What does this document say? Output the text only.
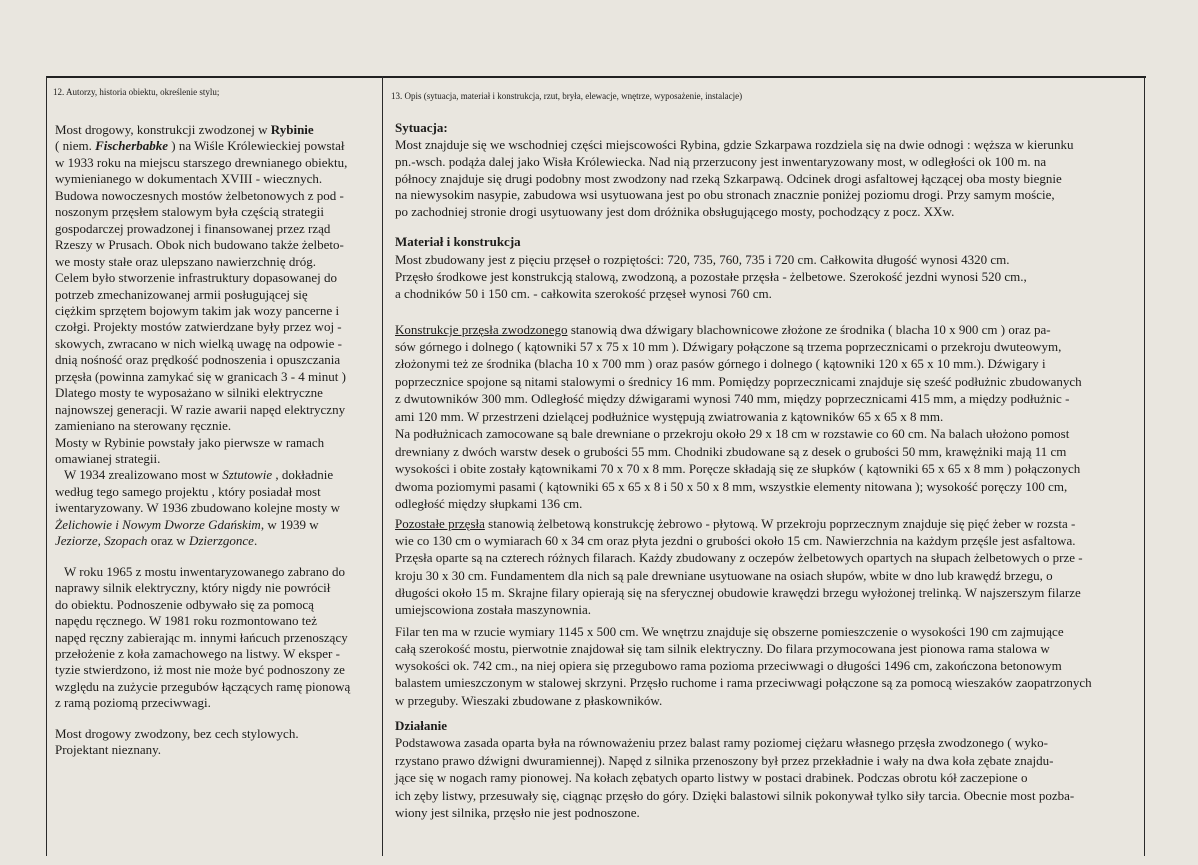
12. Autorzy, historia obiektu, określenie stylu;	13. Opis (sytuacja, materiał i konstrukcja, rzut, bryła, elewacje, wnętrze, wyposażenie, instalacje)
Most drogowy, konstrukcji zwodzonej w Rybinie
( niem. Fischerbabke ) na Wiśle Królewieckiej powstał
w 1933 roku na miejscu starszego drewnianego obiektu,
wymienianego w dokumentach XVIII - wiecznych.
Budowa nowoczesnych mostów żelbetonowych z pod -
noszonym przęsłem stalowym była częścią strategii
gospodarczej prowadzonej i finansowanej przez rząd
Rzeszy w Prusach. Obok nich budowano także żelbeto-
we mosty stałe oraz ulepszano nawierzchnię dróg.
Celem było stworzenie infrastruktury dopasowanej do
potrzeb zmechanizowanej armii posługującej się
ciężkim sprzętem bojowym takim jak wozy pancerne i
czołgi. Projekty mostów zatwierdzane były przez woj -
skowych, zwracano w nich wielką uwagę na odpowie -
dnią nośność oraz prędkość podnoszenia i opuszczania
przęsła (powinna zamykać się w granicach 3 - 4 minut )
Dlatego mosty te wyposażano w silniki elektryczne
najnowszej generacji. W razie awarii napęd elektryczny
zamieniano na sterowany ręcznie.
Mosty w Rybinie powstały jako pierwsze w ramach
omawianej strategii.
W 1934 zrealizowano most w Sztutowie , dokładnie
według tego samego projektu , który posiadał most
iwentaryzowany. W 1936 zbudowano kolejne mosty w
Żelichowie i Nowym Dworze Gdańskim, w 1939 w
Jeziorze, Szopach oraz w Dzierzgonce.
W roku 1965 z mostu inwentaryzowanego zabrano do
naprawy silnik elektryczny, który nigdy nie powrócił
do obiektu. Podnoszenie odbywało się za pomocą
napędu ręcznego. W 1981 roku rozmontowano też
napęd ręczny zabierając m. innymi łańcuch przenoszący
przełożenie z koła zamachowego na listwy. W eksper -
tyzie stwierdzono, iż most nie może być podnoszony ze
względu na zużycie przegubów łączących ramę pionową
z ramą poziomą przeciwwagi.
Most drogowy zwodzony, bez cech stylowych.
Projektant nieznany.
Sytuacja:
Most znajduje się we wschodniej części miejscowości Rybina, gdzie Szkarpawa rozdziela się na dwie odnogi : węższa w kierunku
pn.-wsch. podąża dalej jako Wisła Królewiecka. Nad nią przerzucony jest inwentaryzowany most, w odległości ok 100 m. na
północy znajduje się drugi podobny most zwodzony nad rzeką Szkarpawą. Odcinek drogi asfaltowej łączącej oba mosty biegnie
na niewysokim nasypie, zabudowa wsi usytuowana jest po obu stronach znacznie poniżej poziomu drogi. Przy samym moście,
po zachodniej stronie drogi usytuowany jest dom dróżnika obsługującego mosty, pochodzący z pocz. XXw.
Materiał i konstrukcja
Most zbudowany jest z pięciu przęseł o rozpiętości: 720, 735, 760, 735 i 720 cm. Całkowita długość wynosi 4320 cm.
Przęsło środkowe jest konstrukcją stalową, zwodzoną, a pozostałe przęsła - żelbetowe. Szerokość jezdni wynosi 520 cm.,
a chodników 50 i 150 cm. - całkowita szerokość przęseł wynosi 760 cm.
Konstrukcje przęsła zwodzonego stanowią dwa dźwigary blachownicowe złożone ze środnika ( blacha 10 x 900 cm ) oraz pa-
sów górnego i dolnego ( kątowniki 57 x 75 x 10 mm ). Dźwigary połączone są trzema poprzecznicami o przekroju dwuteowym,
złożonymi też ze środnika (blacha 10 x 700 mm ) oraz pasów górnego i dolnego ( kątowniki 120 x 65 x 10 mm.). Dźwigary i
poprzecznice spojone są nitami stalowymi o średnicy 16 mm. Pomiędzy poprzecznicami znajduje się sześć podłużnic zbudowanych
z dwutowników 300 mm. Odległość między dźwigarami wynosi 740 mm, między poprzecznicami 415 mm, a między podłużnic -
ami 120 mm. W przestrzeni dzielącej podłużnice występują zwiatrowania z kątowników 65 x 65 x 8 mm.
Na podłużnicach zamocowane są bale drewniane o przekroju około 29 x 18 cm w rozstawie co 60 cm. Na balach ułożono pomost
drewniany z dwóch warstw desek o grubości 55 mm. Chodniki zbudowane są z desek o grubości 50 mm, krawężniki mają 11 cm
wysokości i obite zostały kątownikami 70 x 70 x 8 mm. Poręcze składają się ze słupków ( kątowniki 65 x 65 x 8 mm ) połączonych
dwoma poziomymi pasami ( kątowniki 65 x 65 x 8 i 50 x 50 x 8 mm, wszystkie elementy nitowana ); wysokość poręczy 100 cm,
odległość między słupkami 136 cm.
Pozostałe przęsła stanowią żelbetową konstrukcję żebrowo - płytową. W przekroju poprzecznym znajduje się pięć żeber w rozsta -
wie co 130 cm o wymiarach 60 x 34 cm oraz płyta jezdni o grubości około 15 cm. Nawierzchnia na każdym przęśle jest asfaltowa.
Przęsła oparte są na czterech różnych filarach. Każdy zbudowany z oczepów żelbetowych opartych na słupach żelbetowych o prze -
kroju 30 x 30 cm. Fundamentem dla nich są pale drewniane usytuowane na osiach słupów, wbite w dno lub krawędź brzegu, o
długości około 15 m. Skrajne filary opierają się na sferycznej obudowie krawędzi brzegu wyłożonej trelinką. W najszerszym filarze
umiejscowiona została maszynownia.
Filar ten ma w rzucie wymiary 1145 x 500 cm. We wnętrzu znajduje się obszerne pomieszczenie o wysokości 190 cm zajmujące
całą szerokość mostu, pierwotnie znajdował się tam silnik elektryczny. Do filara przymocowana jest pionowa rama stalowa w
wysokości ok. 742 cm., na niej opiera się przegubowo rama pozioma przeciwwagi o długości 1496 cm, zakończona betonowym
balastem umieszczonym w stalowej skrzyni. Przęsło ruchome i rama przeciwwagi połączone są za pomocą wieszaków zaopatrzonych
w przeguby. Wieszaki zbudowane z płaskowników.
Działanie
Podstawowa zasada oparta była na równoważeniu przez balast ramy poziomej ciężaru własnego przęsła zwodzonego ( wyko-
rzystano prawo dźwigni dwuramiennej). Napęd z silnika przenoszony był przez przekładnie i wały na dwa koła zębate znajdu-
jące się w nogach ramy pionowej. Na kołach zębatych oparto listwy w postaci drabinek. Podczas obrotu kół zaczepione o
ich zęby listwy, przesuwały się, ciągnąc przęsło do góry. Dzięki balastowi silnik pokonywał tylko siły tarcia. Obecnie most pozba-
wiony jest silnika, przęsło nie jest podnoszone.
